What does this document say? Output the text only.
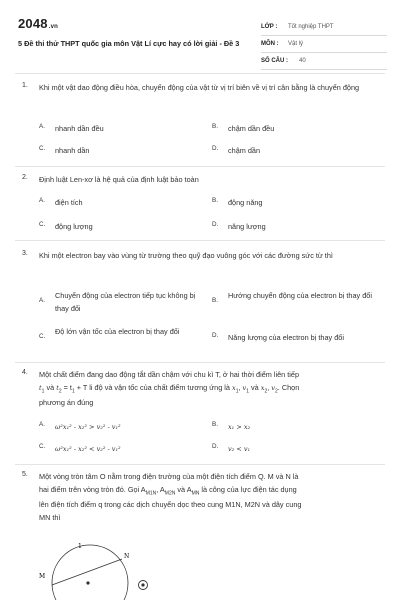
2048.vn
5 Đề thi thử THPT quốc gia môn Vật Lí cực hay có lời giải - Đề 3
LỚP : Tốt nghiệp THPT
MÔN : Vật lý
SỐ CÂU : 40
1. Khi một vật dao động điều hòa, chuyển động của vật từ vị trí biên về vị trí cân bằng là chuyển động
A. nhanh dần đều	B. chậm dần đều
C. nhanh dần	D. chậm dần
2. Định luật Len-xơ là hệ quả của định luật bảo toàn
A. điện tích	B. động năng
C. động lượng	D. năng lượng
3. Khi một electron bay vào vùng từ trường theo quỹ đạo vuông góc với các đường sức từ thì
A.
Chuyển động của electron tiếp tục không bị thay đổi
B.
Hướng chuyển động của electron bị thay đổi
C.
Độ lớn vận tốc của electron bị thay đổi	D. Năng lượng của electron bị thay đổi
4. Một chất điểm đang dao động tắt dần chậm với chu kì T, ở hai thời điểm liên tiếp
$t_1$ và $t_2 = t_1 + T$ li độ và vận tốc của chất điểm tương ứng là $x_1$, $v_1$ và $x_2$, $v_2$. Chọn
phương án đúng
A. ω²x₁² - x₂² > v₂² - v₁²	B. x₁ > x₂
C. ω²x₁² - x₂² < v₂² - v₁²	D. v₂ < v₁
5. Một vòng tròn tâm O nằm trong điện trường của một điện tích điểm Q. M và N là
hai điểm trên vòng tròn đó. Gọi $A_{M1N}$, $A_{M2N}$ và $A_{MN}$ là công của lực điện tác dụng
lên điện tích điểm q trong các dịch chuyển dọc theo cung M1N, M2N và dây cung
MN thì
1
N
M
